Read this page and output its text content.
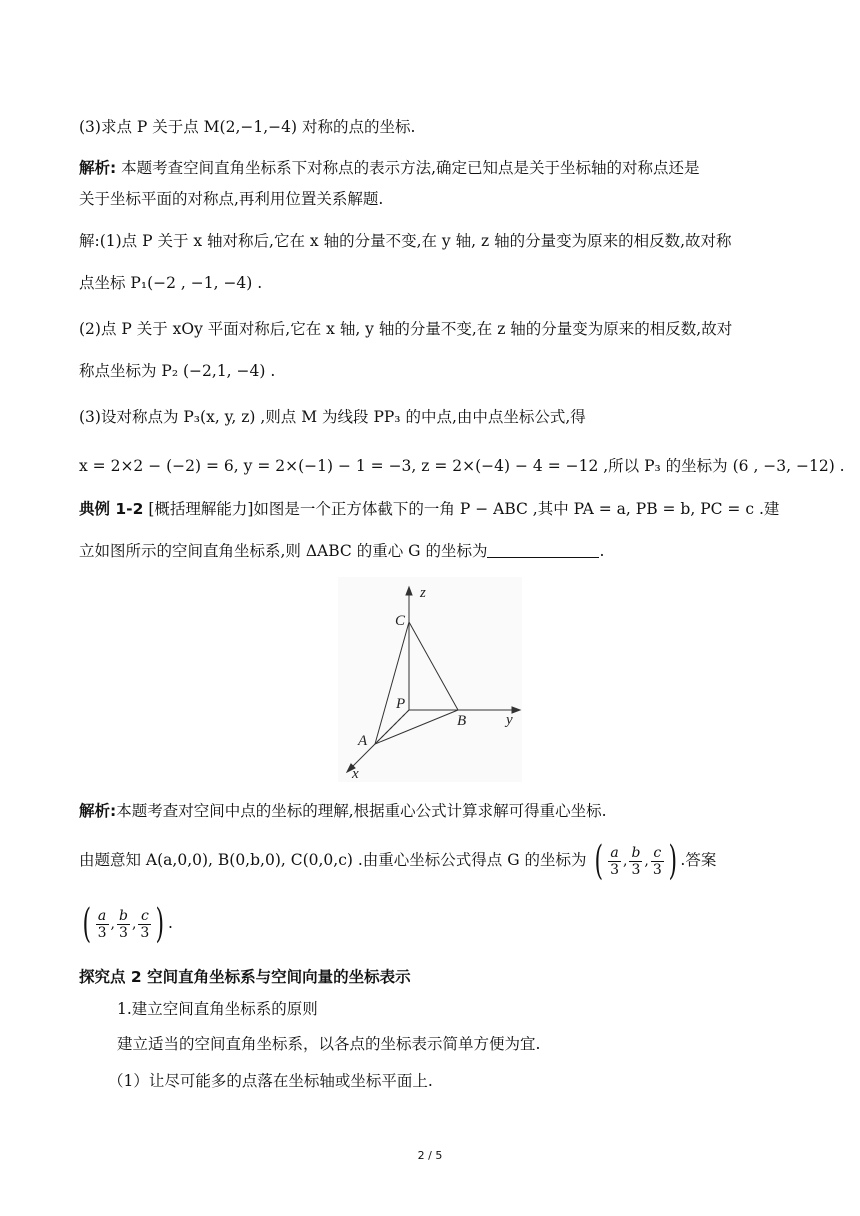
(3)求点 P 关于点 M(2,−1,−4) 对称的点的坐标.
解析: 本题考查空间直角坐标系下对称点的表示方法,确定已知点是关于坐标轴的对称点还是
关于坐标平面的对称点,再利用位置关系解题.
解:(1)点 P 关于 x 轴对称后,它在 x 轴的分量不变,在 y 轴, z 轴的分量变为原来的相反数,故对称
点坐标 P₁(−2 , −1, −4) .
(2)点 P 关于 xOy 平面对称后,它在 x 轴, y 轴的分量不变,在 z 轴的分量变为原来的相反数,故对
称点坐标为 P₂ (−2,1, −4) .
(3)设对称点为 P₃(x, y, z) ,则点 M 为线段 PP₃ 的中点,由中点坐标公式,得
x = 2×2 − (−2) = 6, y = 2×(−1) − 1 = −3, z = 2×(−4) − 4 = −12 ,所以 P₃ 的坐标为 (6 , −3, −12) .
典例 1-2 [概括理解能力]如图是一个正方体截下的一角 P − ABC ,其中 PA = a, PB = b, PC = c .建
立如图所示的空间直角坐标系,则 ΔABC 的重心 G 的坐标为	.
z
y
x
C
P
B
A
解析:本题考查对空间中点的坐标的理解,根据重心公式计算求解可得重心坐标.
由题意知 A(a,0,0), B(0,b,0), C(0,0,c) .由重心坐标公式得点 G 的坐标为 ( a
3
,
b
3
,
c
3 ) .答案
( a
3
,
b
3
,
c
3 ) .
探究点 2 空间直角坐标系与空间向量的坐标表示
1.建立空间直角坐标系的原则
建立适当的空间直角坐标系，以各点的坐标表示简单方便为宜.
（1）让尽可能多的点落在坐标轴或坐标平面上.
2 / 5
